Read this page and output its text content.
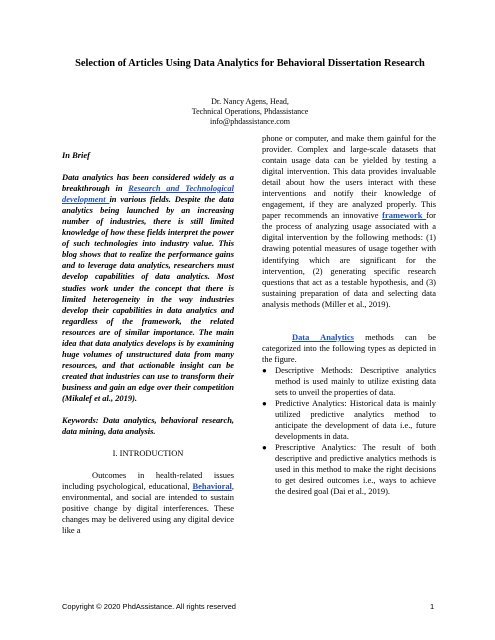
Selection of Articles Using Data Analytics for Behavioral Dissertation Research
Dr. Nancy Agens, Head,
Technical Operations, Phdassistance
info@phdassistance.com

In Brief

Data analytics has been considered widely as a breakthrough in Research and Technological development in various fields. Despite the data analytics being launched by an increasing number of industries, there is still limited knowledge of how these fields interpret the power of such technologies into industry value. This blog shows that to realize the performance gains and to leverage data analytics, researchers must develop capabilities of data analytics. Most studies work under the concept that there is limited heterogeneity in the way industries develop their capabilities in data analytics and regardless of the framework, the related resources are of similar importance. The main idea that data analytics develops is by examining huge volumes of unstructured data from many resources, and that actionable insight can be created that industries can use to transform their business and gain an edge over their competition (Mikalef et al., 2019).

Keywords: Data analytics, behavioral research, data mining, data analysis.

I. INTRODUCTION

Outcomes in health-related issues including psychological, educational, Behavioral, environmental, and social are intended to sustain positive change by digital interferences. These changes may be delivered using any digital device like a

phone or computer, and make them gainful for the provider. Complex and large-scale datasets that contain usage data can be yielded by testing a digital intervention. This data provides invaluable detail about how the users interact with these interventions and notify their knowledge of engagement, if they are analyzed properly. This paper recommends an innovative framework for the process of analyzing usage associated with a digital intervention by the following methods: (1) drawing potential measures of usage together with identifying which are significant for the intervention, (2) generating specific research questions that act as a testable hypothesis, and (3) sustaining preparation of data and selecting data analysis methods (Miller et al., 2019).

Data Analytics methods can be categorized into the following types as depicted in the figure.

● Descriptive Methods: Descriptive analytics method is used mainly to utilize existing data sets to unveil the properties of data.
● Predictive Analytics: Historical data is mainly utilized predictive analytics method to anticipate the development of data i.e., future developments in data.
● Prescriptive Analytics: The result of both descriptive and predictive analytics methods is used in this method to make the right decisions to get desired outcomes i.e., ways to achieve the desired goal (Dai et al., 2019).
Copyright © 2020 PhdAssistance. All rights reserved	1
